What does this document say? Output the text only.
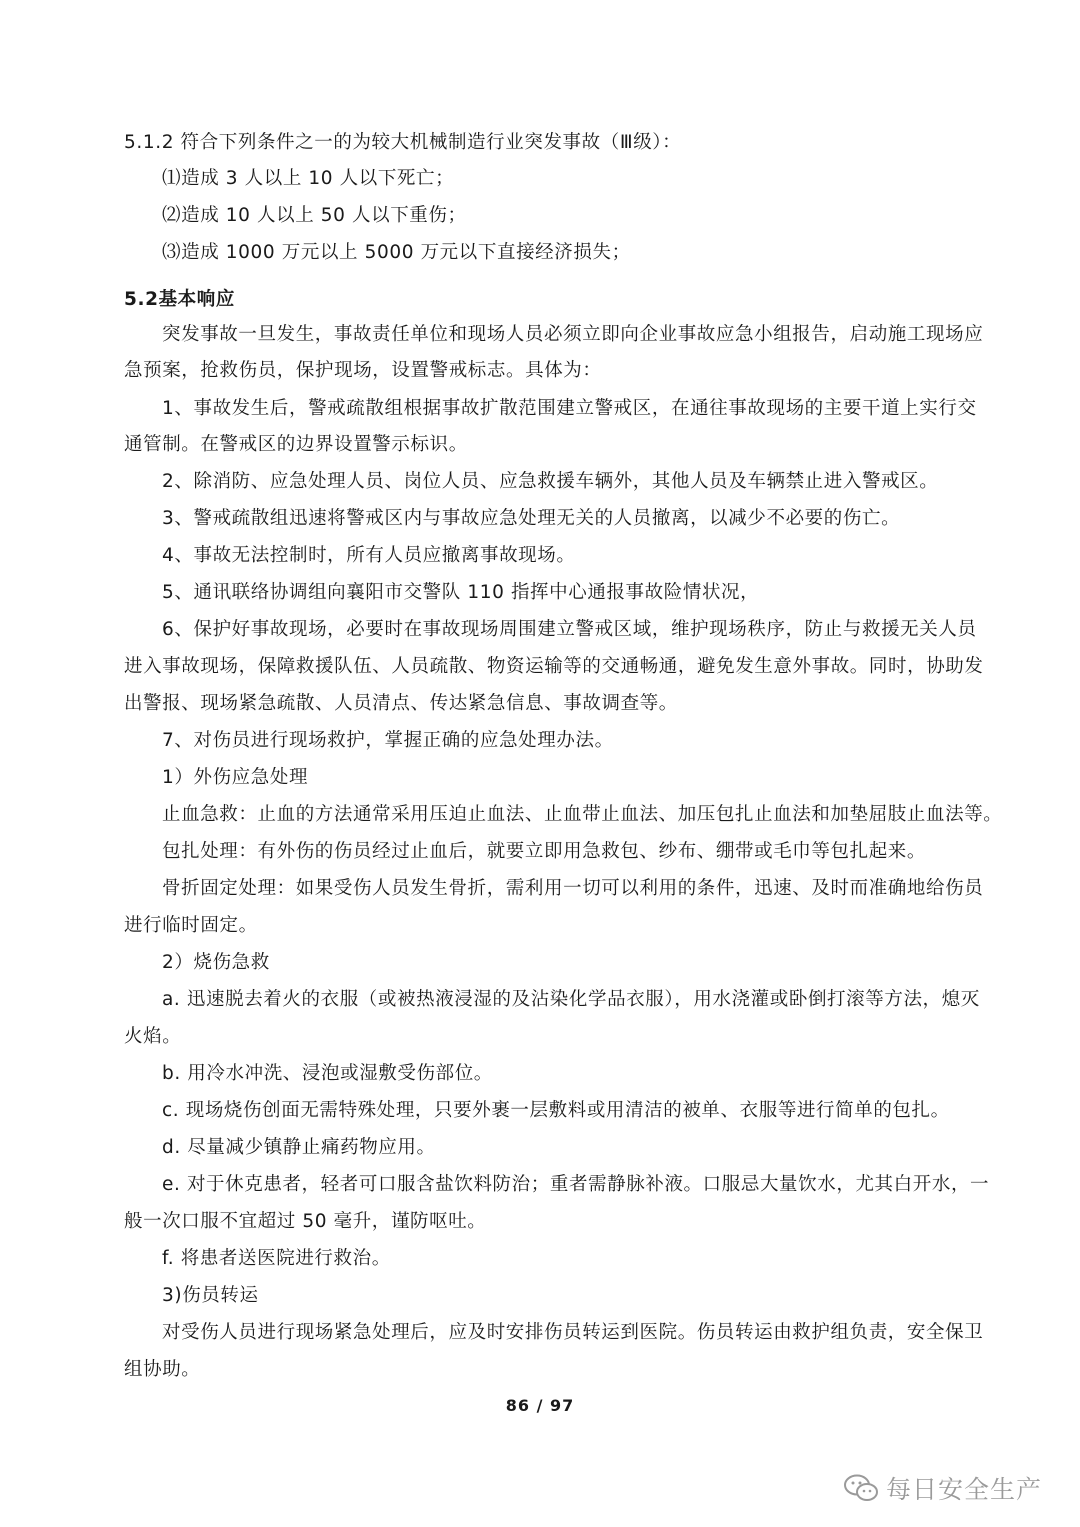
5.1.2 符合下列条件之一的为较大机械制造行业突发事故（Ⅲ级）：
⑴造成 3 人以上 10 人以下死亡；
⑵造成 10 人以上 50 人以下重伤；
⑶造成 1000 万元以上 5000 万元以下直接经济损失；
5.2基本响应
突发事故一旦发生，事故责任单位和现场人员必须立即向企业事故应急小组报告，启动施工现场应
急预案，抢救伤员，保护现场，设置警戒标志。具体为：
1、事故发生后，警戒疏散组根据事故扩散范围建立警戒区，在通往事故现场的主要干道上实行交
通管制。在警戒区的边界设置警示标识。
2、除消防、应急处理人员、岗位人员、应急救援车辆外，其他人员及车辆禁止进入警戒区。
3、警戒疏散组迅速将警戒区内与事故应急处理无关的人员撤离，以减少不必要的伤亡。
4、事故无法控制时，所有人员应撤离事故现场。
5、通讯联络协调组向襄阳市交警队 110 指挥中心通报事故险情状况，
6、保护好事故现场，必要时在事故现场周围建立警戒区域，维护现场秩序，防止与救援无关人员
进入事故现场，保障救援队伍、人员疏散、物资运输等的交通畅通，避免发生意外事故。同时，协助发
出警报、现场紧急疏散、人员清点、传达紧急信息、事故调查等。
7、对伤员进行现场救护，掌握正确的应急处理办法。
1）外伤应急处理
止血急救：止血的方法通常采用压迫止血法、止血带止血法、加压包扎止血法和加垫屈肢止血法等。
包扎处理：有外伤的伤员经过止血后，就要立即用急救包、纱布、绷带或毛巾等包扎起来。
骨折固定处理：如果受伤人员发生骨折，需利用一切可以利用的条件，迅速、及时而准确地给伤员
进行临时固定。
2）烧伤急救
a. 迅速脱去着火的衣服（或被热液浸湿的及沾染化学品衣服），用水浇灌或卧倒打滚等方法，熄灭
火焰。
b. 用冷水冲洗、浸泡或湿敷受伤部位。
c. 现场烧伤创面无需特殊处理，只要外裹一层敷料或用清洁的被单、衣服等进行简单的包扎。
d. 尽量减少镇静止痛药物应用。
e. 对于休克患者，轻者可口服含盐饮料防治；重者需静脉补液。口服忌大量饮水，尤其白开水，一
般一次口服不宜超过 50 毫升，谨防呕吐。
f. 将患者送医院进行救治。
3)伤员转运
对受伤人员进行现场紧急处理后，应及时安排伤员转运到医院。伤员转运由救护组负责，安全保卫
组协助。
86 / 97
每日安全生产
